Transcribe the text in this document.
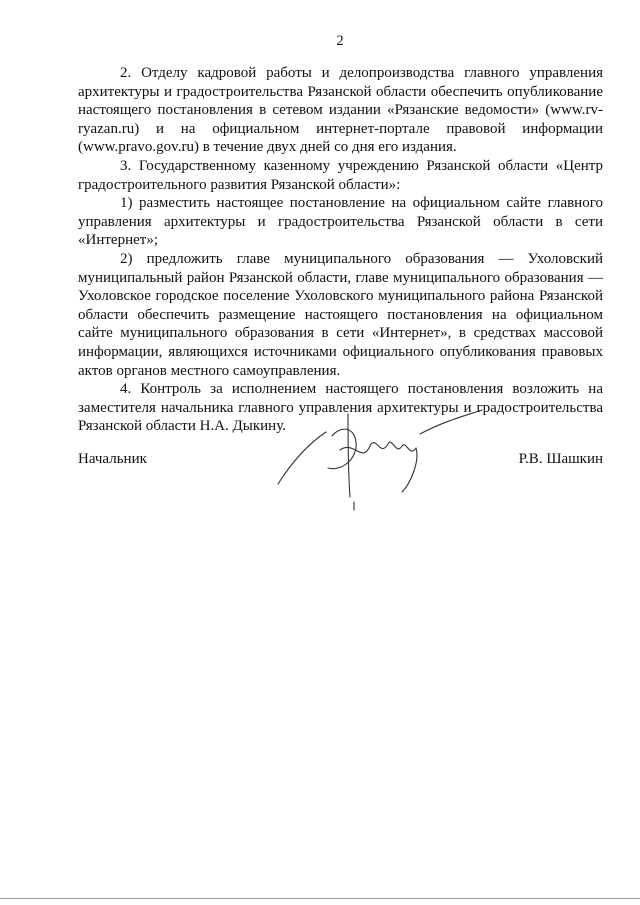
2

2. Отделу кадровой работы и делопроизводства главного управления архитектуры и градостроительства Рязанской области обеспечить опубликование настоящего постановления в сетевом издании «Рязанские ведомости» (www.rv-ryazan.ru) и на официальном интернет-портале правовой информации (www.pravo.gov.ru) в течение двух дней со дня его издания.

3. Государственному казенному учреждению Рязанской области «Центр градостроительного развития Рязанской области»:

1) разместить настоящее постановление на официальном сайте главного управления архитектуры и градостроительства Рязанской области в сети «Интернет»;

2) предложить главе муниципального образования — Ухоловский муниципальный район Рязанской области, главе муниципального образования — Ухоловское городское поселение Ухоловского муниципального района Рязанской области обеспечить размещение настоящего постановления на официальном сайте муниципального образования в сети «Интернет», в средствах массовой информации, являющихся источниками официального опубликования правовых актов органов местного самоуправления.

4. Контроль за исполнением настоящего постановления возложить на заместителя начальника главного управления архитектуры и градостроительства Рязанской области Н.А. Дыкину.

Начальник	Р.В. Шашкин
